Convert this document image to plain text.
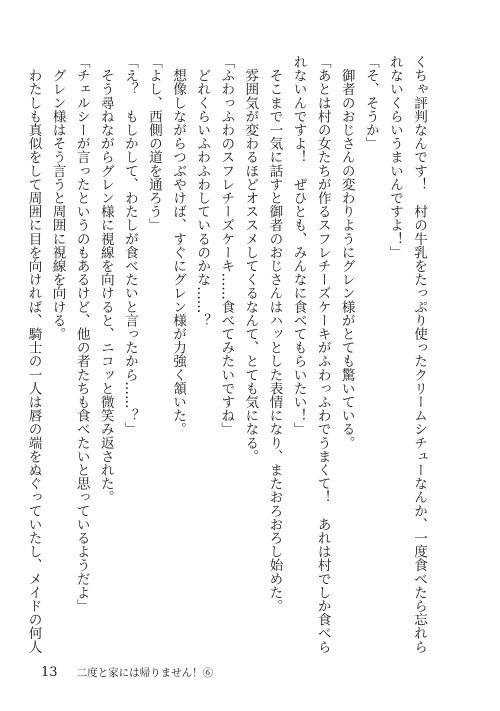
くちゃ評判なんです！　村の牛乳をたっぷり使ったクリームシチューなんか、一度食べたら忘れら
れないくらいうまいんですよ！」
「そ、そうか」
　御者のおじさんの変わりようにグレン様がとても驚いている。
「あとは村の女たちが作るスフレチーズケーキがふわっふわでうまくて！　あれは村でしか食べら
れないんですよ！　ぜひとも、みんなに食べてもらいたい！」
　そこまで一気に話すと御者のおじさんはハッとした表情になり、またおろおろし始めた。
　雰囲気が変わるほどオススメしてくるなんて、とても気になる。
「ふわっふわのスフレチーズケーキ……食べてみたいですね」
　どれくらいふわふわしているのかな……？
　想像しながらつぶやけば、すぐにグレン様が力強く頷いた。
「よし、西側の道を通ろう」
「え？　もしかして、わたしが食べたいと言ったから……？」
　そう尋ねながらグレン様に視線を向けると、ニコッと微笑み返された。
「チェルシーが言ったというのもあるけど、他の者たちも食べたいと思っているようだよ」
　グレン様はそう言うと周囲に視線を向ける。
　わたしも真似をして周囲に目を向ければ、騎士の一人は唇の端をぬぐっていたし、メイドの何人
13 二度と家には帰りません！⑥
